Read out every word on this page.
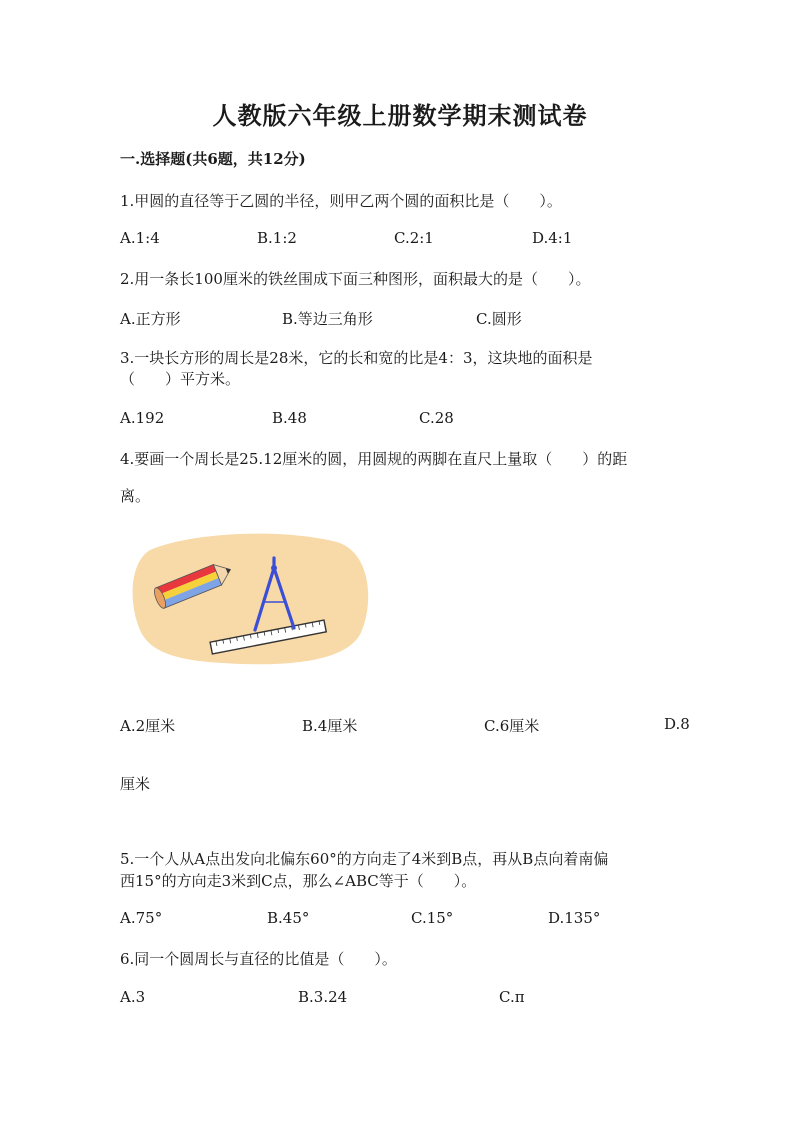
人教版六年级上册数学期末测试卷
一.选择题(共6题，共12分)
1.甲圆的直径等于乙圆的半径，则甲乙两个圆的面积比是（　　）。
A.1:4	B.1:2	C.2:1	D.4:1
2.用一条长100厘米的铁丝围成下面三种图形，面积最大的是（　　）。
A.正方形	B.等边三角形	C.圆形
3.一块长方形的周长是28米，它的长和宽的比是4：3，这块地的面积是
（　　）平方米。
A.192	B.48	C.28
4.要画一个周长是25.12厘米的圆，用圆规的两脚在直尺上量取（　　）的距
离。
A.2厘米	B.4厘米	C.6厘米	D.8
厘米
5.一个人从A点出发向北偏东60°的方向走了4米到B点，再从B点向着南偏
西15°的方向走3米到C点，那么∠ABC等于（　　）。
A.75°	B.45°	C.15°	D.135°
6.同一个圆周长与直径的比值是（　　）。
A.3	B.3.24	C.π
